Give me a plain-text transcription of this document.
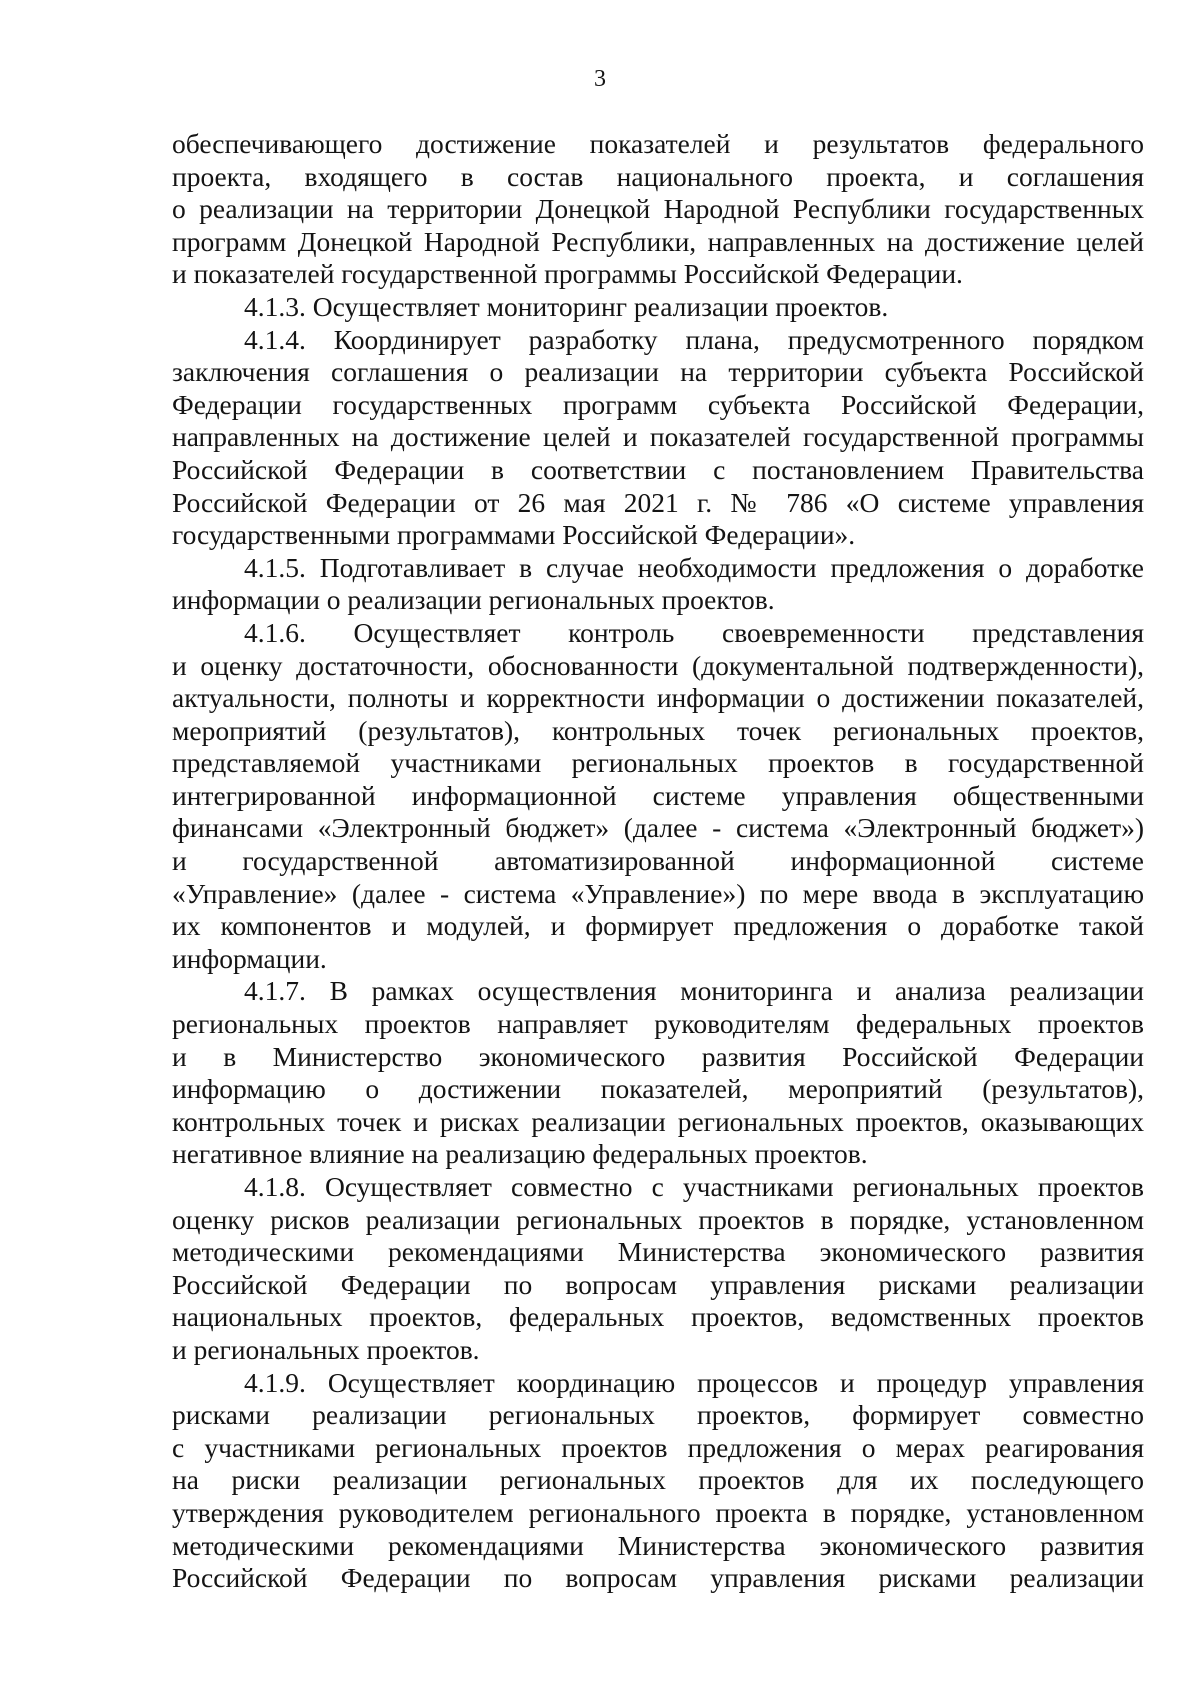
3
обеспечивающего достижение показателей и результатов федерального
проекта, входящего в состав национального проекта, и соглашения
о реализации на территории Донецкой Народной Республики государственных
программ Донецкой Народной Республики, направленных на достижение целей
и показателей государственной программы Российской Федерации.
4.1.3. Осуществляет мониторинг реализации проектов.
4.1.4. Координирует разработку плана, предусмотренного порядком
заключения соглашения о реализации на территории субъекта Российской
Федерации государственных программ субъекта Российской Федерации,
направленных на достижение целей и показателей государственной программы
Российской Федерации в соответствии с постановлением Правительства
Российской Федерации от 26 мая 2021 г. № 786 «О системе управления
государственными программами Российской Федерации».
4.1.5. Подготавливает в случае необходимости предложения о доработке
информации о реализации региональных проектов.
4.1.6. Осуществляет контроль своевременности представления
и оценку достаточности, обоснованности (документальной подтвержденности),
актуальности, полноты и корректности информации о достижении показателей,
мероприятий (результатов), контрольных точек региональных проектов,
представляемой участниками региональных проектов в государственной
интегрированной информационной системе управления общественными
финансами «Электронный бюджет» (далее - система «Электронный бюджет»)
и государственной автоматизированной информационной системе
«Управление» (далее - система «Управление») по мере ввода в эксплуатацию
их компонентов и модулей, и формирует предложения о доработке такой
информации.
4.1.7. В рамках осуществления мониторинга и анализа реализации
региональных проектов направляет руководителям федеральных проектов
и в Министерство экономического развития Российской Федерации
информацию о достижении показателей, мероприятий (результатов),
контрольных точек и рисках реализации региональных проектов, оказывающих
негативное влияние на реализацию федеральных проектов.
4.1.8. Осуществляет совместно с участниками региональных проектов
оценку рисков реализации региональных проектов в порядке, установленном
методическими рекомендациями Министерства экономического развития
Российской Федерации по вопросам управления рисками реализации
национальных проектов, федеральных проектов, ведомственных проектов
и региональных проектов.
4.1.9. Осуществляет координацию процессов и процедур управления
рисками реализации региональных проектов, формирует совместно
с участниками региональных проектов предложения о мерах реагирования
на риски реализации региональных проектов для их последующего
утверждения руководителем регионального проекта в порядке, установленном
методическими рекомендациями Министерства экономического развития
Российской Федерации по вопросам управления рисками реализации
